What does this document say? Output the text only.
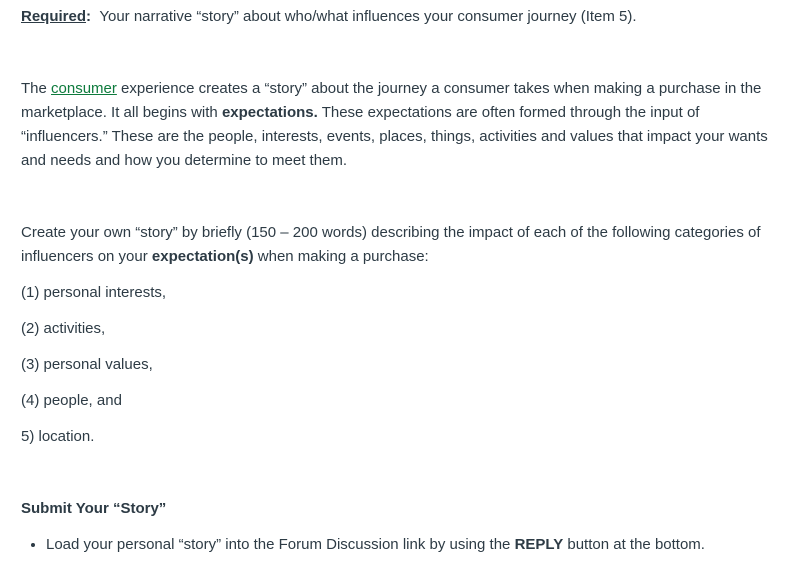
Required: Your narrative “story” about who/what influences your consumer journey (Item 5).

The consumer experience creates a “story” about the journey a consumer takes when making a purchase in the marketplace. It all begins with expectations. These expectations are often formed through the input of “influencers.” These are the people, interests, events, places, things, activities and values that impact your wants and needs and how you determine to meet them.

Create your own “story” by briefly (150 – 200 words) describing the impact of each of the following categories of influencers on your expectation(s) when making a purchase:

(1) personal interests,

(2) activities,

(3) personal values,

(4) people, and

5) location.

Submit Your “Story”

• Load your personal “story” into the Forum Discussion link by using the REPLY button at the bottom.
